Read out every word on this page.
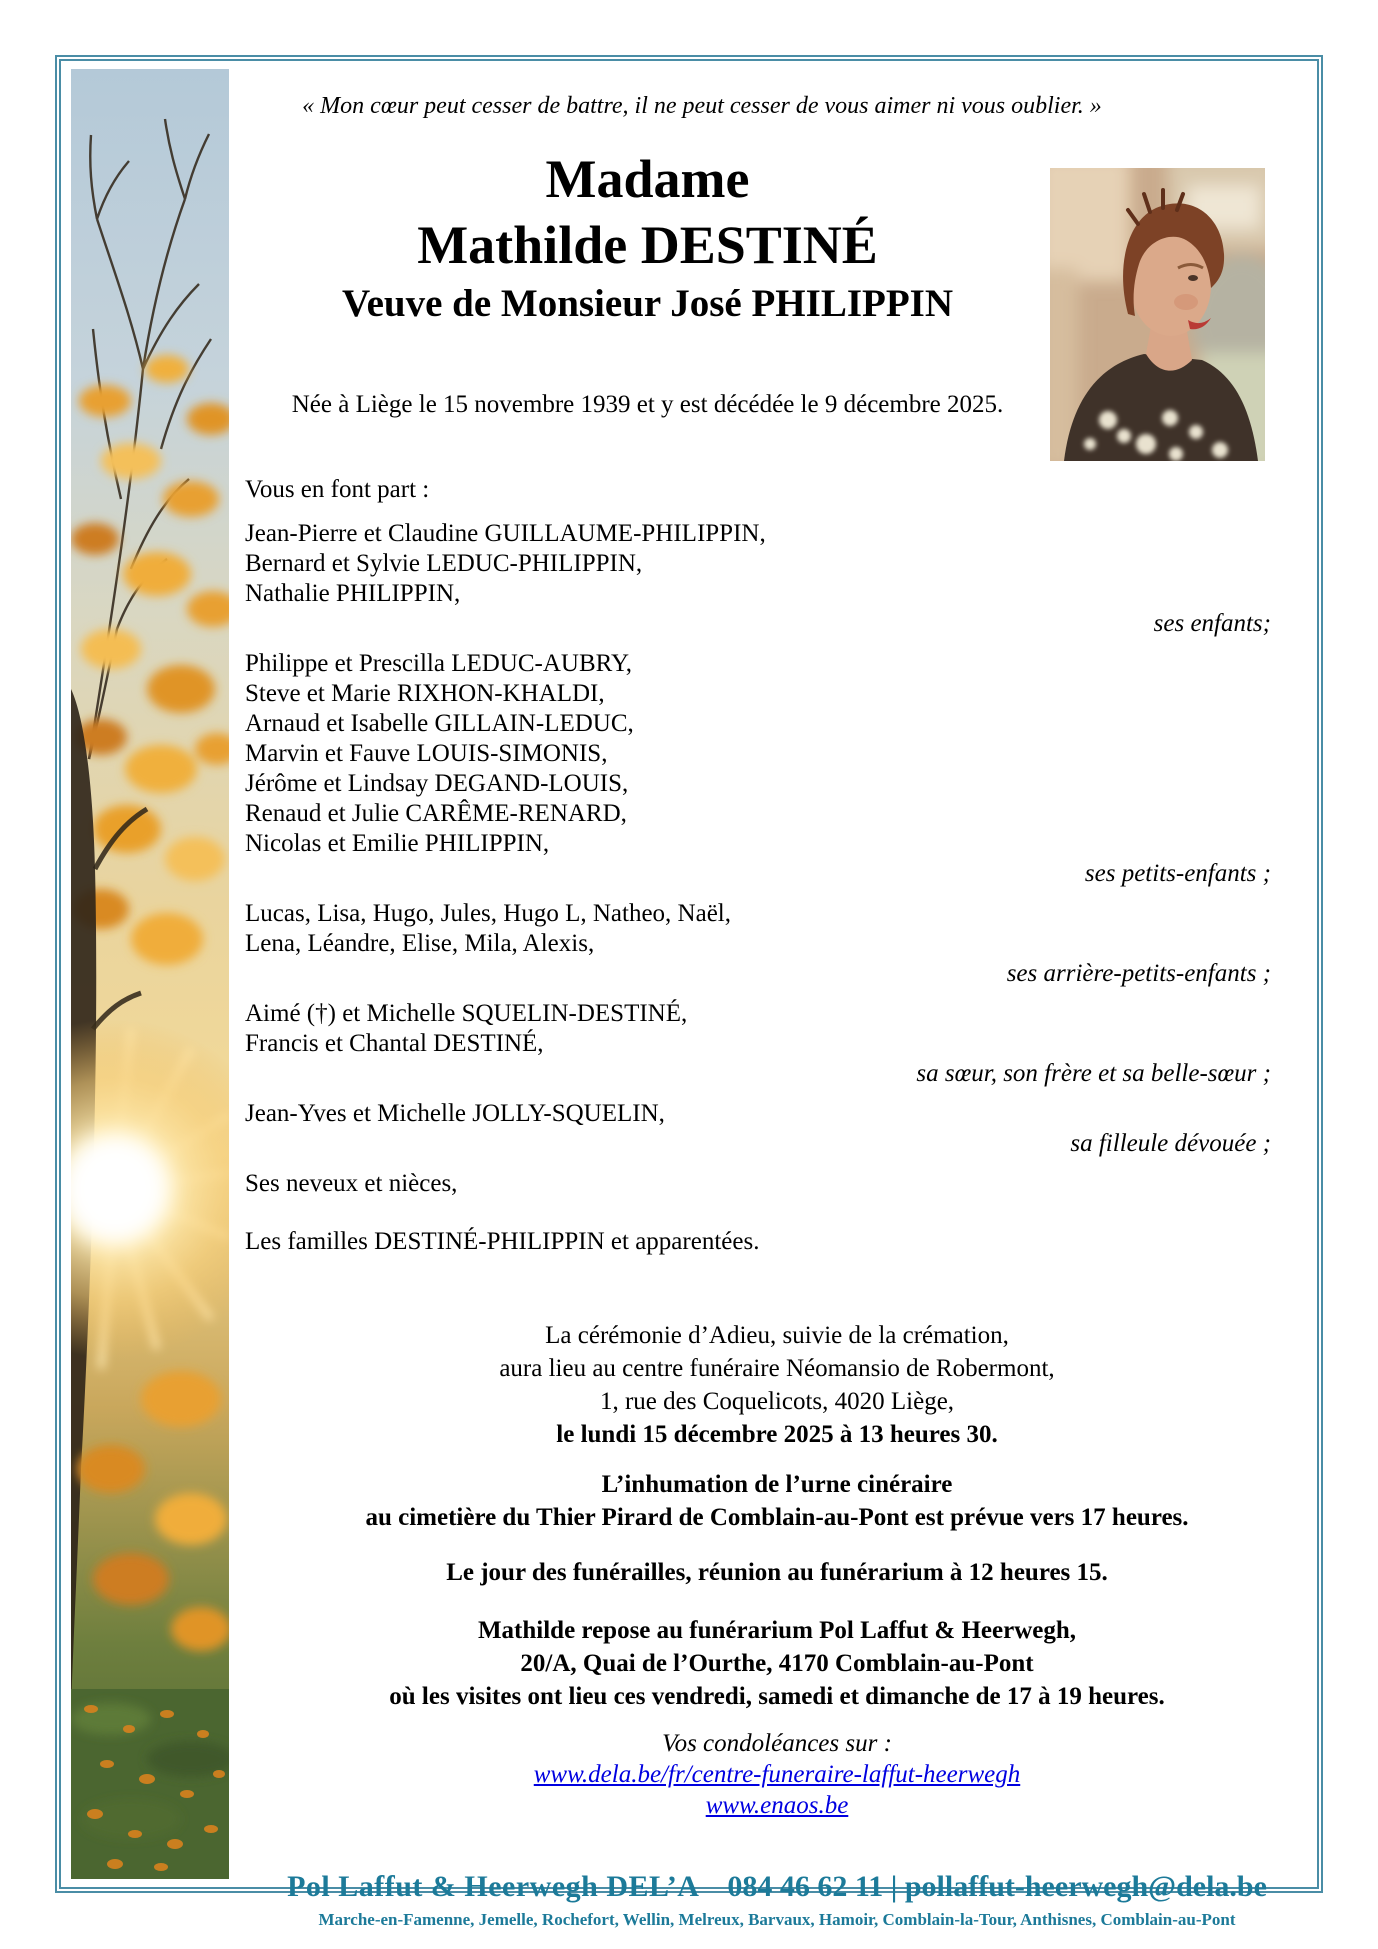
« Mon cœur peut cesser de battre, il ne peut cesser de vous aimer ni vous oublier. »
Madame
Mathilde DESTINÉ
Veuve de Monsieur José PHILIPPIN
Née à Liège le 15 novembre 1939 et y est décédée le 9 décembre 2025.
Vous en font part :
Jean-Pierre et Claudine GUILLAUME-PHILIPPIN,
Bernard et Sylvie LEDUC-PHILIPPIN,
Nathalie PHILIPPIN,
ses enfants;
Philippe et Prescilla LEDUC-AUBRY,
Steve et Marie RIXHON-KHALDI,
Arnaud et Isabelle GILLAIN-LEDUC,
Marvin et Fauve LOUIS-SIMONIS,
Jérôme et Lindsay DEGAND-LOUIS,
Renaud et Julie CARÊME-RENARD,
Nicolas et Emilie PHILIPPIN,
ses petits-enfants ;
Lucas, Lisa, Hugo, Jules, Hugo L, Natheo, Naël,
Lena, Léandre, Elise, Mila, Alexis,
ses arrière-petits-enfants ;
Aimé (†) et Michelle SQUELIN-DESTINÉ,
Francis et Chantal DESTINÉ,
sa sœur, son frère et sa belle-sœur ;
Jean-Yves et Michelle JOLLY-SQUELIN,
sa filleule dévouée ;
Ses neveux et nièces,
Les familles DESTINÉ-PHILIPPIN et apparentées.
La cérémonie d’Adieu, suivie de la crémation,
aura lieu au centre funéraire Néomansio de Robermont,
1, rue des Coquelicots, 4020 Liège,
le lundi 15 décembre 2025 à 13 heures 30.
L’inhumation de l’urne cinéraire
au cimetière du Thier Pirard de Comblain-au-Pont est prévue vers 17 heures.
Le jour des funérailles, réunion au funérarium à 12 heures 15.
Mathilde repose au funérarium Pol Laffut & Heerwegh,
20/A, Quai de l’Ourthe, 4170 Comblain-au-Pont
où les visites ont lieu ces vendredi, samedi et dimanche de 17 à 19 heures.
Vos condoléances sur :
www.dela.be/fr/centre-funeraire-laffut-heerwegh
www.enaos.be
Pol Laffut & Heerwegh DEL’A 084 46 62 11 | pollaffut-heerwegh@dela.be
Marche-en-Famenne, Jemelle, Rochefort, Wellin, Melreux, Barvaux, Hamoir, Comblain-la-Tour, Anthisnes, Comblain-au-Pont
